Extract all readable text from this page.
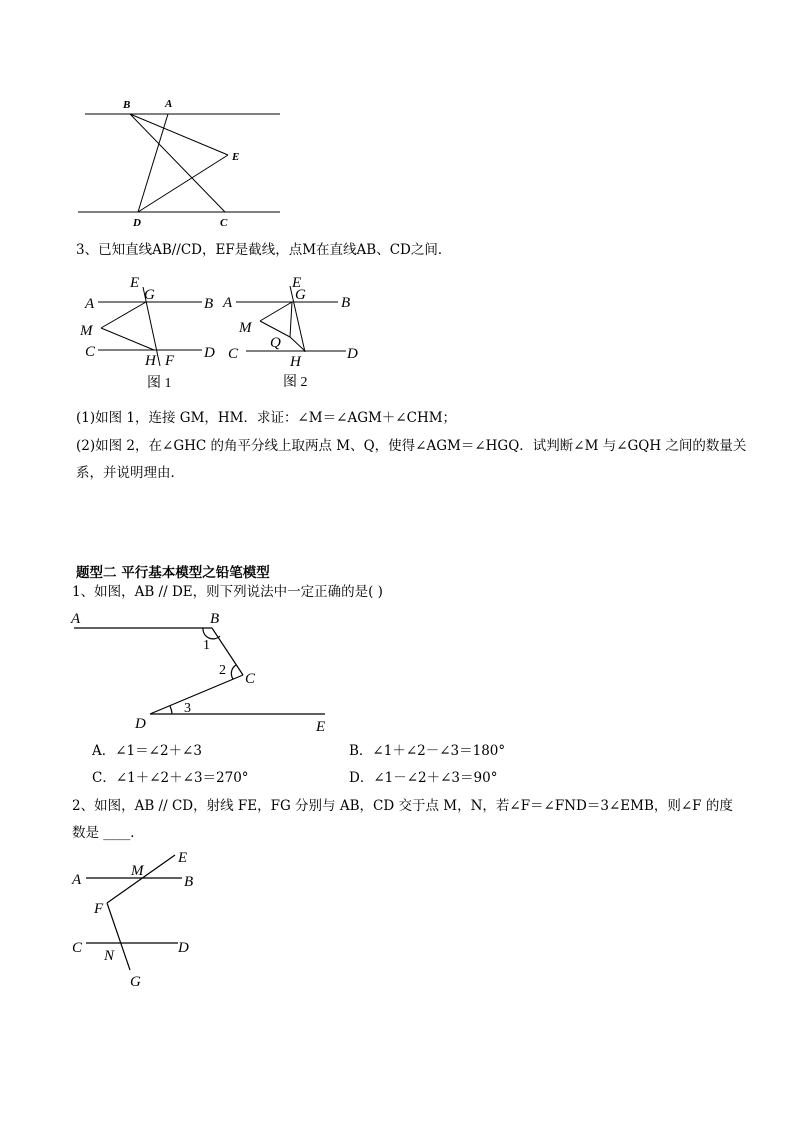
B	A
E
D	C
3、已知直线AB//CD，EF是截线，点M在直线AB、CD之间．
A	B
C	D
E
G
M
H F
图 1
A	B
C	D
E
G
M
Q
H
图 2
(1)如图 1，连接 GM，HM．求证：∠M＝∠AGM＋∠CHM；
(2)如图 2，在∠GHC 的角平分线上取两点 M、Q，使得∠AGM＝∠HGQ．试判断∠M 与∠GQH 之间的数量关
系，并说明理由．
题型二 平行基本模型之铅笔模型
1、如图，AB // DE，则下列说法中一定正确的是( )
A	B
C
D	E
1
2
3
A．∠1＝∠2＋∠3	B．∠1＋∠2－∠3＝180°
C．∠1＋∠2＋∠3＝270°	D．∠1－∠2＋∠3＝90°
2、如图，AB // CD，射线 FE，FG 分别与 AB，CD 交于点 M，N，若∠F＝∠FND＝3∠EMB，则∠F 的度
数是 ____．
A	B
C	D
E
F
G
M
N
